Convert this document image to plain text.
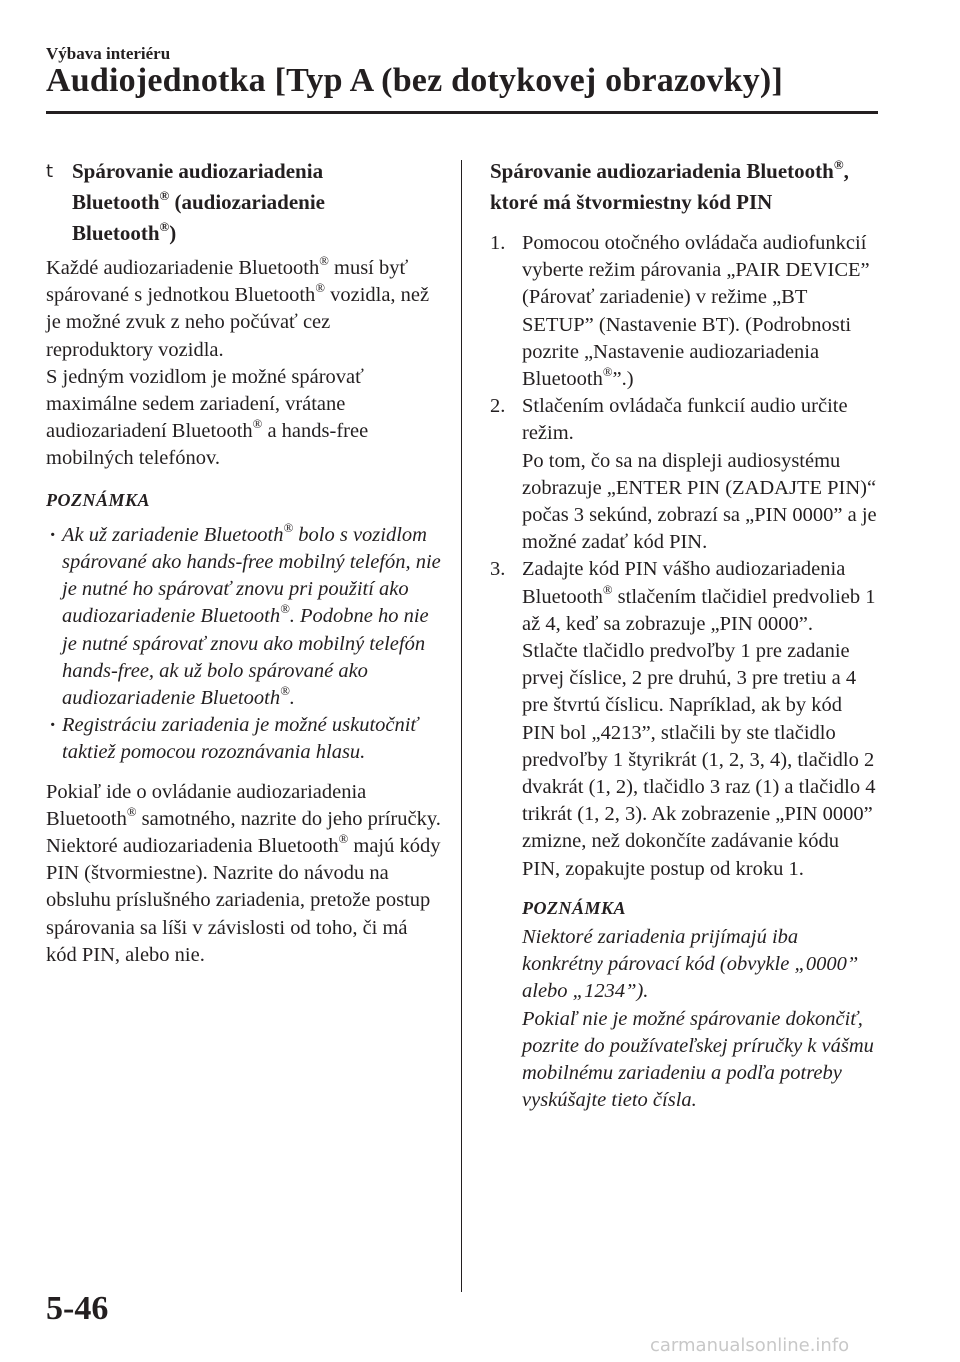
Výbava interiéru
Audiojednotka [Typ A (bez dotykovej obrazovky)]
t Spárovanie audiozariadenia
Bluetooth® (audiozariadenie
Bluetooth®)

Každé audiozariadenie Bluetooth® musí byť spárované s jednotkou Bluetooth® vozidla, než je možné zvuk z neho počúvať cez reproduktory vozidla.

S jedným vozidlom je možné spárovať maximálne sedem zariadení, vrátane audiozariadení Bluetooth® a hands-free mobilných telefónov.

POZNÁMKA
· Ak už zariadenie Bluetooth® bolo s vozidlom spárované ako hands-free mobilný telefón, nie je nutné ho spárovať znovu pri použití ako audiozariadenie Bluetooth®. Podobne ho nie je nutné spárovať znovu ako mobilný telefón hands-free, ak už bolo spárované ako audiozariadenie Bluetooth®.
· Registráciu zariadenia je možné uskutočniť taktiež pomocou rozoznávania hlasu.

Pokiaľ ide o ovládanie audiozariadenia Bluetooth® samotného, nazrite do jeho príručky.

Niektoré audiozariadenia Bluetooth® majú kódy PIN (štvormiestne). Nazrite do návodu na obsluhu príslušného zariadenia, pretože postup spárovania sa líši v závislosti od toho, či má kód PIN, alebo nie.

Spárovanie audiozariadenia Bluetooth®, ktoré má štvormiestny kód PIN
1. Pomocou otočného ovládača audiofunkcií vyberte režim párovania „PAIR DEVICE” (Párovať zariadenie) v režime „BT SETUP” (Nastavenie BT). (Podrobnosti pozrite „Nastavenie audiozariadenia Bluetooth®”.)
2. Stlačením ovládača funkcií audio určite režim.
Po tom, čo sa na displeji audiosystému zobrazuje „ENTER PIN (ZADAJTE PIN)“ počas 3 sekúnd, zobrazí sa „PIN 0000” a je možné zadať kód PIN.
3. Zadajte kód PIN vášho audiozariadenia Bluetooth® stlačením tlačidiel predvolieb 1 až 4, keď sa zobrazuje „PIN 0000”.
Stlačte tlačidlo predvoľby 1 pre zadanie prvej číslice, 2 pre druhú, 3 pre tretiu a 4 pre štvrtú číslicu. Napríklad, ak by kód PIN bol „4213”, stlačili by ste tlačidlo predvoľby 1 štyrikrát (1, 2, 3, 4), tlačidlo 2 dvakrát (1, 2), tlačidlo 3 raz (1) a tlačidlo 4 trikrát (1, 2, 3). Ak zobrazenie „PIN 0000” zmizne, než dokončíte zadávanie kódu PIN, zopakujte postup od kroku 1.
POZNÁMKA

Niektoré zariadenia prijímajú iba konkrétny párovací kód (obvykle „0000” alebo „1234”).

Pokiaľ nie je možné spárovanie dokončiť, pozrite do používateľskej príručky k vášmu mobilnému zariadeniu a podľa potreby vyskúšajte tieto čísla.

5-46
carmanualsonline.info
